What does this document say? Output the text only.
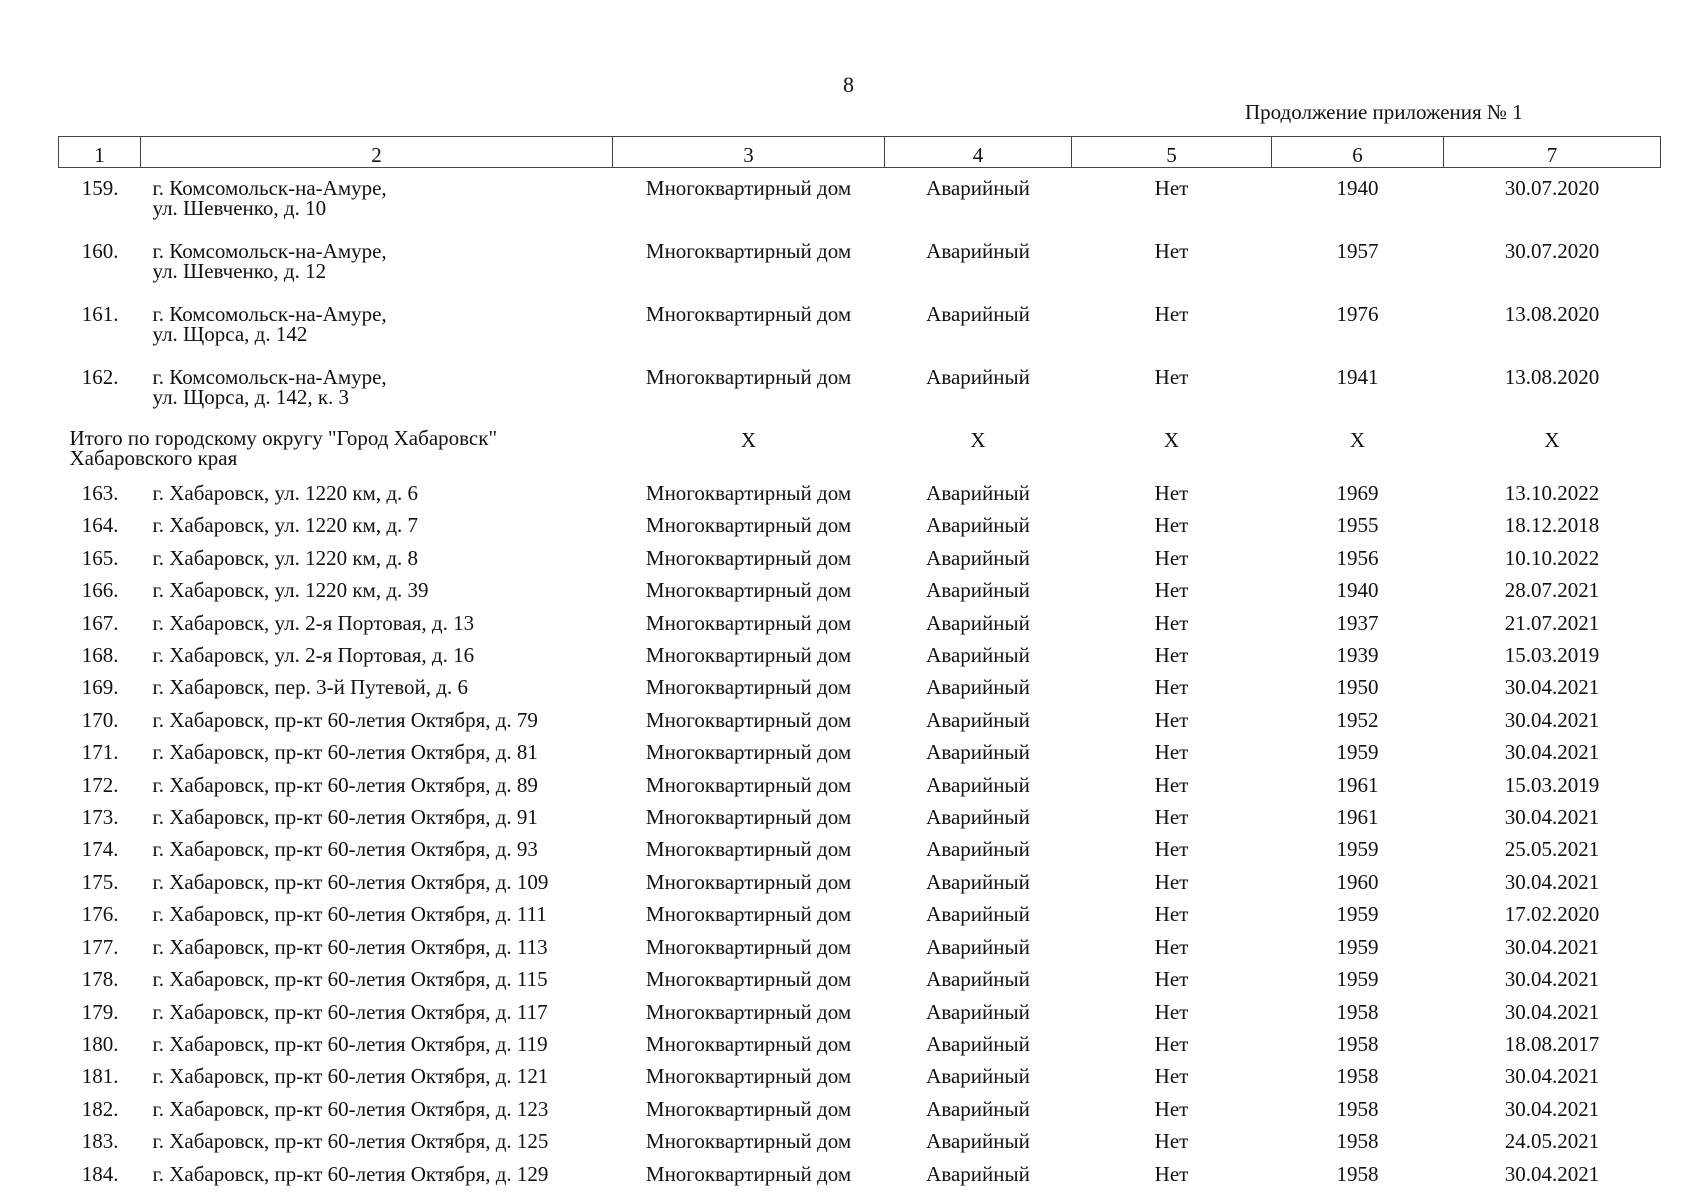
8
Продолжение приложения № 1
1	2	3	4	5	6	7
159.	г. Комсомольск-на-Амуре,
ул. Шевченко, д. 10	Многоквартирный дом	Аварийный	Нет	1940	30.07.2020
160.	г. Комсомольск-на-Амуре,
ул. Шевченко, д. 12	Многоквартирный дом	Аварийный	Нет	1957	30.07.2020
161.	г. Комсомольск-на-Амуре,
ул. Щорса, д. 142	Многоквартирный дом	Аварийный	Нет	1976	13.08.2020
162.	г. Комсомольск-на-Амуре,
ул. Щорса, д. 142, к. 3	Многоквартирный дом	Аварийный	Нет	1941	13.08.2020
Итого по городскому округу "Город Хабаровск"
Хабаровского края		X	X	X	X	X
163.	г. Хабаровск, ул. 1220 км, д. 6	Многоквартирный дом	Аварийный	Нет	1969	13.10.2022
164.	г. Хабаровск, ул. 1220 км, д. 7	Многоквартирный дом	Аварийный	Нет	1955	18.12.2018
165.	г. Хабаровск, ул. 1220 км, д. 8	Многоквартирный дом	Аварийный	Нет	1956	10.10.2022
166.	г. Хабаровск, ул. 1220 км, д. 39	Многоквартирный дом	Аварийный	Нет	1940	28.07.2021
167.	г. Хабаровск, ул. 2-я Портовая, д. 13	Многоквартирный дом	Аварийный	Нет	1937	21.07.2021
168.	г. Хабаровск, ул. 2-я Портовая, д. 16	Многоквартирный дом	Аварийный	Нет	1939	15.03.2019
169.	г. Хабаровск, пер. 3-й Путевой, д. 6	Многоквартирный дом	Аварийный	Нет	1950	30.04.2021
170.	г. Хабаровск, пр-кт 60-летия Октября, д. 79	Многоквартирный дом	Аварийный	Нет	1952	30.04.2021
171.	г. Хабаровск, пр-кт 60-летия Октября, д. 81	Многоквартирный дом	Аварийный	Нет	1959	30.04.2021
172.	г. Хабаровск, пр-кт 60-летия Октября, д. 89	Многоквартирный дом	Аварийный	Нет	1961	15.03.2019
173.	г. Хабаровск, пр-кт 60-летия Октября, д. 91	Многоквартирный дом	Аварийный	Нет	1961	30.04.2021
174.	г. Хабаровск, пр-кт 60-летия Октября, д. 93	Многоквартирный дом	Аварийный	Нет	1959	25.05.2021
175.	г. Хабаровск, пр-кт 60-летия Октября, д. 109	Многоквартирный дом	Аварийный	Нет	1960	30.04.2021
176.	г. Хабаровск, пр-кт 60-летия Октября, д. 111	Многоквартирный дом	Аварийный	Нет	1959	17.02.2020
177.	г. Хабаровск, пр-кт 60-летия Октября, д. 113	Многоквартирный дом	Аварийный	Нет	1959	30.04.2021
178.	г. Хабаровск, пр-кт 60-летия Октября, д. 115	Многоквартирный дом	Аварийный	Нет	1959	30.04.2021
179.	г. Хабаровск, пр-кт 60-летия Октября, д. 117	Многоквартирный дом	Аварийный	Нет	1958	30.04.2021
180.	г. Хабаровск, пр-кт 60-летия Октября, д. 119	Многоквартирный дом	Аварийный	Нет	1958	18.08.2017
181.	г. Хабаровск, пр-кт 60-летия Октября, д. 121	Многоквартирный дом	Аварийный	Нет	1958	30.04.2021
182.	г. Хабаровск, пр-кт 60-летия Октября, д. 123	Многоквартирный дом	Аварийный	Нет	1958	30.04.2021
183.	г. Хабаровск, пр-кт 60-летия Октября, д. 125	Многоквартирный дом	Аварийный	Нет	1958	24.05.2021
184.	г. Хабаровск, пр-кт 60-летия Октября, д. 129	Многоквартирный дом	Аварийный	Нет	1958	30.04.2021
